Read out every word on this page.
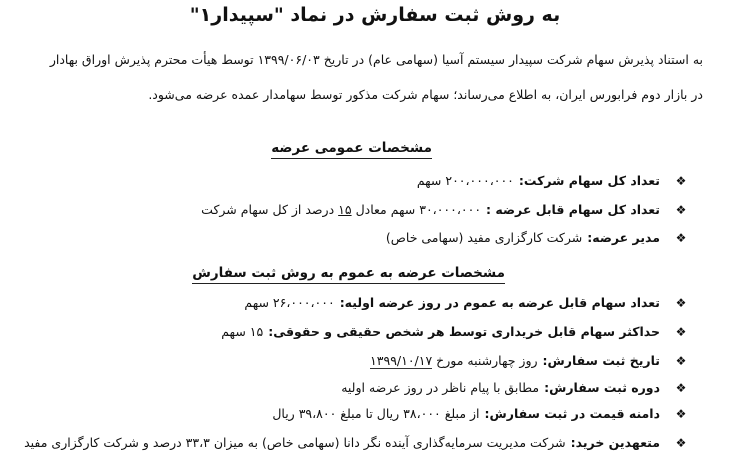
به روش ثبت سفارش در نماد "سپیدار۱"
به استناد پذیرش سهام شرکت سپیدار سیستم آسیا (سهامی عام) در تاریخ ۱۳۹۹/۰۶/۰۳ توسط هیأت محترم پذیرش اوراق بهادار
در بازار دوم فرابورس ایران، به اطلاع می‌رساند؛ سهام شرکت مذکور توسط سهامدار عمده عرضه می‌شود.
مشخصات عمومی عرضه
❖
تعداد کل سهام شرکت:
۲۰۰،۰۰۰،۰۰۰ سهم
❖
تعداد کل سهام قابل عرضه :
۳۰،۰۰۰،۰۰۰ سهم معادل ۱۵ درصد از کل سهام شرکت
❖
مدیر عرضه:
شرکت کارگزاری مفید (سهامی خاص)
مشخصات عرضه به عموم به روش ثبت سفارش
❖
تعداد سهام قابل عرضه به عموم در روز عرضه اولیه:
۲۶،۰۰۰،۰۰۰ سهم
❖
حداکثر سهام قابل خریداری توسط هر شخص حقیقی و حقوقی:
۱۵ سهم
❖
تاریخ ثبت سفارش:
روز چهارشنبه مورخ ۱۳۹۹/۱۰/۱۷
❖
دوره ثبت سفارش:
مطابق با پیام ناظر در روز عرضه اولیه
❖
دامنه قیمت در ثبت سفارش:
از مبلغ ۳۸،۰۰۰ ریال تا مبلغ ۳۹،۸۰۰ ریال
❖
متعهدین خرید:
شرکت مدیریت سرمایه‌گذاری آینده نگر دانا (سهامی خاص) به میزان ۳۳،۳ درصد و شرکت کارگزاری مفید
